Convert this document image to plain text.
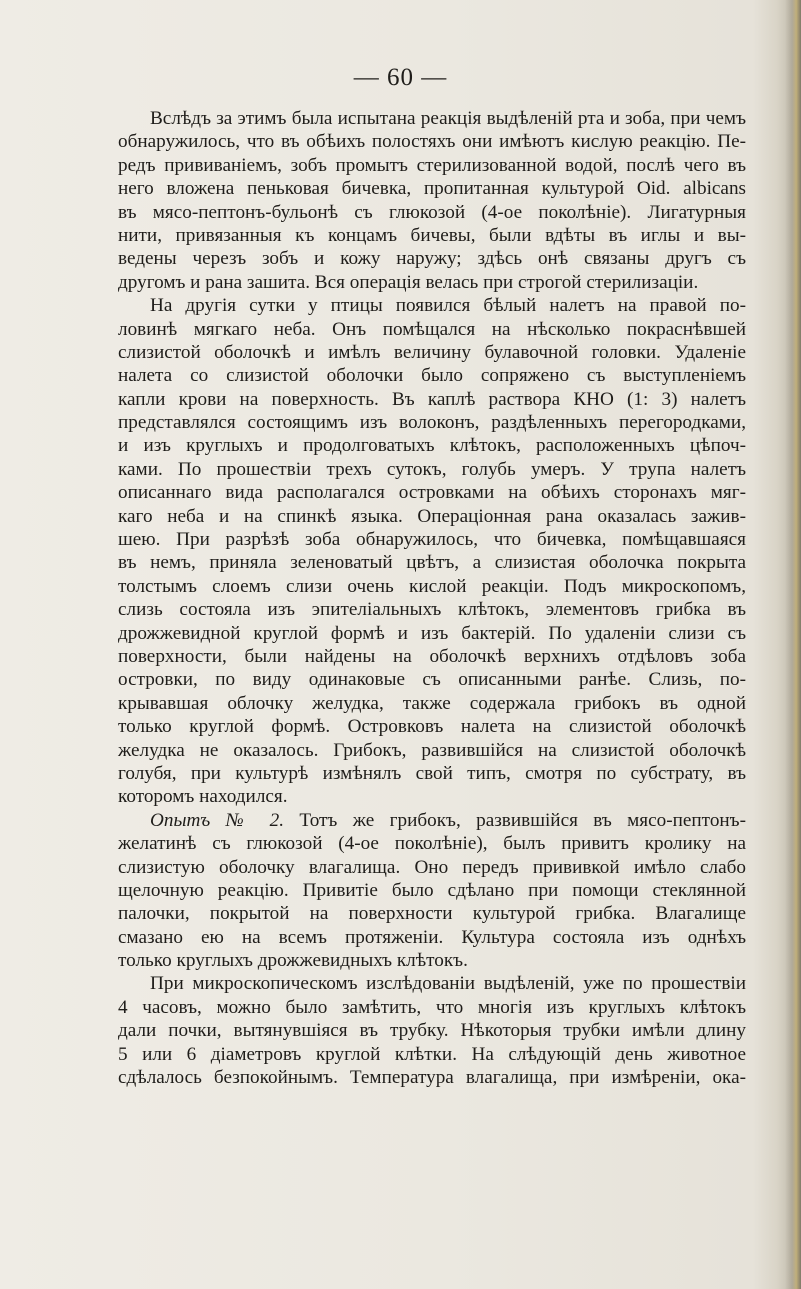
— 60 —
Вслѣдъ за этимъ была испытана реакція выдѣленій рта и зоба, при чемъ
обнаружилось, что въ обѣихъ полостяхъ они имѣютъ кислую реакцію. Пе-
редъ прививаніемъ, зобъ промытъ стерилизованной водой, послѣ чего въ
него вложена пеньковая бичевка, пропитанная культурой Oid. albicans
въ мясо-пептонъ-бульонѣ съ глюкозой (4-ое поколѣніе). Лигатурныя
нити, привязанныя къ концамъ бичевы, были вдѣты въ иглы и вы-
ведены черезъ зобъ и кожу наружу; здѣсь онѣ связаны другъ съ
другомъ и рана зашита. Вся операція велась при строгой стерилизаціи.
На другія сутки у птицы появился бѣлый налетъ на правой по-
ловинѣ мягкаго неба. Онъ помѣщался на нѣсколько покраснѣвшей
слизистой оболочкѣ и имѣлъ величину булавочной головки. Удаленіе
налета со слизистой оболочки было сопряжено съ выступленіемъ
капли крови на поверхность. Въ каплѣ раствора КНО (1: 3) налетъ
представлялся состоящимъ изъ волоконъ, раздѣленныхъ перегородками,
и изъ круглыхъ и продолговатыхъ клѣтокъ, расположенныхъ цѣпоч-
ками. По прошествіи трехъ сутокъ, голубь умеръ. У трупа налетъ
описаннаго вида располагался островками на обѣихъ сторонахъ мяг-
каго неба и на спинкѣ языка. Операціонная рана оказалась зажив-
шею. При разрѣзѣ зоба обнаружилось, что бичевка, помѣщавшаяся
въ немъ, приняла зеленоватый цвѣтъ, а слизистая оболочка покрыта
толстымъ слоемъ слизи очень кислой реакціи. Подъ микроскопомъ,
слизь состояла изъ эпителіальныхъ клѣтокъ, элементовъ грибка въ
дрожжевидной круглой формѣ и изъ бактерій. По удаленіи слизи съ
поверхности, были найдены на оболочкѣ верхнихъ отдѣловъ зоба
островки, по виду одинаковые съ описанными ранѣе. Слизь, по-
крывавшая облочку желудка, также содержала грибокъ въ одной
только круглой формѣ. Островковъ налета на слизистой оболочкѣ
желудка не оказалось. Грибокъ, развившійся на слизистой оболочкѣ
голубя, при культурѣ измѣнялъ свой типъ, смотря по субстрату, въ
которомъ находился.
Опытъ № 2. Тотъ же грибокъ, развившійся въ мясо-пептонъ-
желатинѣ съ глюкозой (4-ое поколѣніе), былъ привитъ кролику на
слизистую оболочку влагалища. Оно передъ прививкой имѣло слабо
щелочную реакцію. Привитіе было сдѣлано при помощи стеклянной
палочки, покрытой на поверхности культурой грибка. Влагалище
смазано ею на всемъ протяженіи. Культура состояла изъ однѣхъ
только круглыхъ дрожжевидныхъ клѣтокъ.
При микроскопическомъ изслѣдованіи выдѣленій, уже по прошествіи
4 часовъ, можно было замѣтить, что многія изъ круглыхъ клѣтокъ
дали почки, вытянувшіяся въ трубку. Нѣкоторыя трубки имѣли длину
5 или 6 діаметровъ круглой клѣтки. На слѣдующій день животное
сдѣлалось безпокойнымъ. Температура влагалища, при измѣреніи, ока-
